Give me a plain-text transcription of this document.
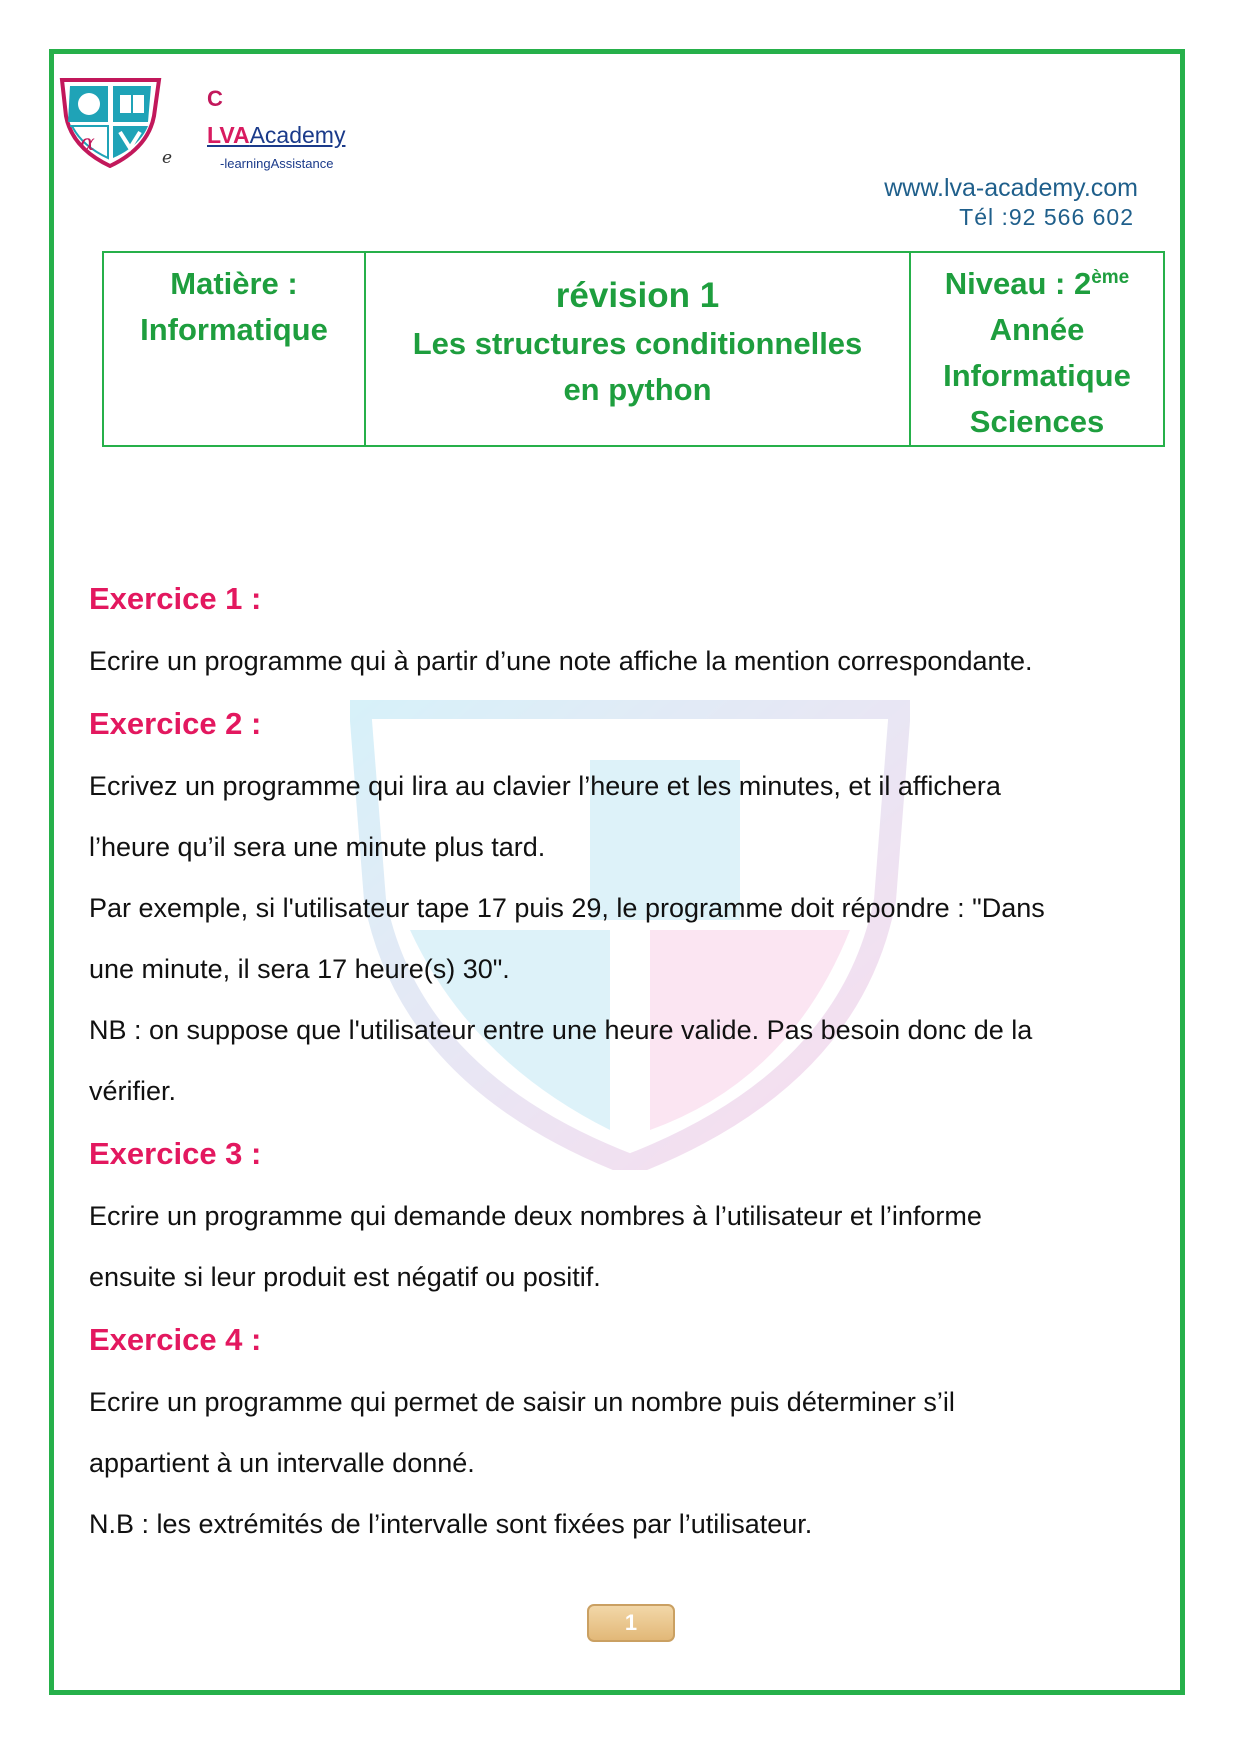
α
e
C
LVAAcademy
-learningAssistance
www.lva-academy.com
Tél :92 566 602
Matière :
Informatique

révision 1
Les structures conditionnelles
en python

Niveau : 2ème
Année
Informatique
Sciences
Exercice 1 :
Ecrire un programme qui à partir d’une note affiche la mention correspondante.
Exercice 2 :
Ecrivez un programme qui lira au clavier l’heure et les minutes, et il affichera
l’heure qu’il sera une minute plus tard.
Par exemple, si l'utilisateur tape 17 puis 29, le programme doit répondre : "Dans
une minute, il sera 17 heure(s) 30".
NB : on suppose que l'utilisateur entre une heure valide. Pas besoin donc de la
vérifier.
Exercice 3 :
Ecrire un programme qui demande deux nombres à l’utilisateur et l’informe
ensuite si leur produit est négatif ou positif.
Exercice 4 :
Ecrire un programme qui permet de saisir un nombre puis déterminer s’il
appartient à un intervalle donné.
N.B : les extrémités de l’intervalle sont fixées par l’utilisateur.
1
